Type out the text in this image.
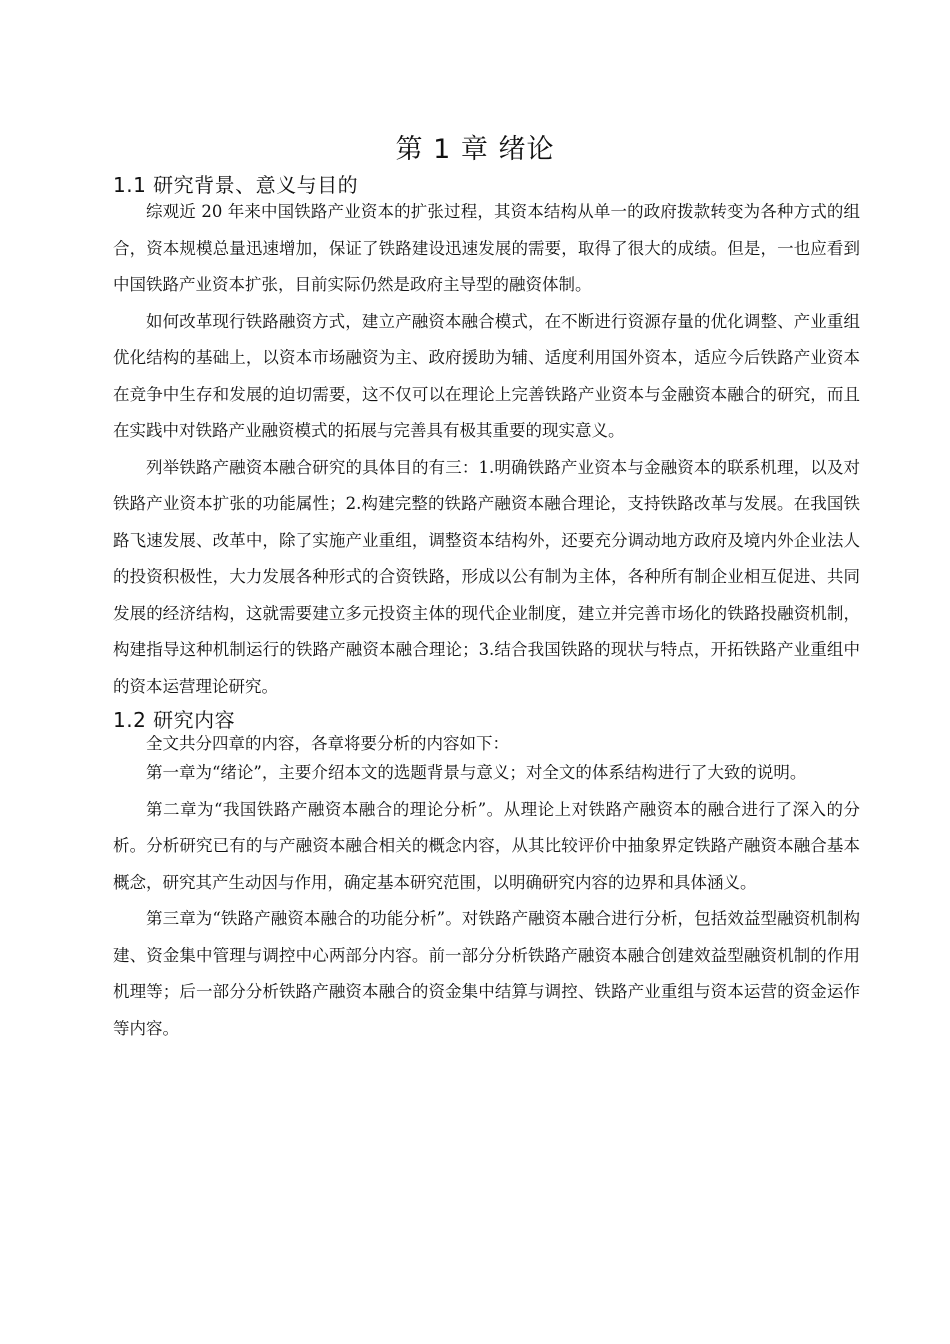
第 1 章 绪论
1.1 研究背景、意义与目的

综观近 20 年来中国铁路产业资本的扩张过程，其资本结构从单一的政府拨款转变为各种方式的组合，资本规模总量迅速增加，保证了铁路建设迅速发展的需要，取得了很大的成绩。但是，一也应看到中国铁路产业资本扩张，目前实际仍然是政府主导型的融资体制。

如何改革现行铁路融资方式，建立产融资本融合模式，在不断进行资源存量的优化调整、产业重组优化结构的基础上，以资本市场融资为主、政府援助为辅、适度利用国外资本，适应今后铁路产业资本在竞争中生存和发展的迫切需要，这不仅可以在理论上完善铁路产业资本与金融资本融合的研究，而且在实践中对铁路产业融资模式的拓展与完善具有极其重要的现实意义。

列举铁路产融资本融合研究的具体目的有三：1.明确铁路产业资本与金融资本的联系机理，以及对铁路产业资本扩张的功能属性；2.构建完整的铁路产融资本融合理论，支持铁路改革与发展。在我国铁路飞速发展、改革中，除了实施产业重组，调整资本结构外，还要充分调动地方政府及境内外企业法人的投资积极性，大力发展各种形式的合资铁路，形成以公有制为主体，各种所有制企业相互促进、共同发展的经济结构，这就需要建立多元投资主体的现代企业制度，建立并完善市场化的铁路投融资机制，构建指导这种机制运行的铁路产融资本融合理论；3.结合我国铁路的现状与特点，开拓铁路产业重组中的资本运营理论研究。

1.2 研究内容

全文共分四章的内容，各章将要分析的内容如下：

第一章为“绪论”，主要介绍本文的选题背景与意义；对全文的体系结构进行了大致的说明。

第二章为“我国铁路产融资本融合的理论分析”。从理论上对铁路产融资本的融合进行了深入的分析。分析研究已有的与产融资本融合相关的概念内容，从其比较评价中抽象界定铁路产融资本融合基本概念，研究其产生动因与作用，确定基本研究范围，以明确研究内容的边界和具体涵义。

第三章为“铁路产融资本融合的功能分析”。对铁路产融资本融合进行分析，包括效益型融资机制构建、资金集中管理与调控中心两部分内容。前一部分分析铁路产融资本融合创建效益型融资机制的作用机理等；后一部分分析铁路产融资本融合的资金集中结算与调控、铁路产业重组与资本运营的资金运作等内容。
